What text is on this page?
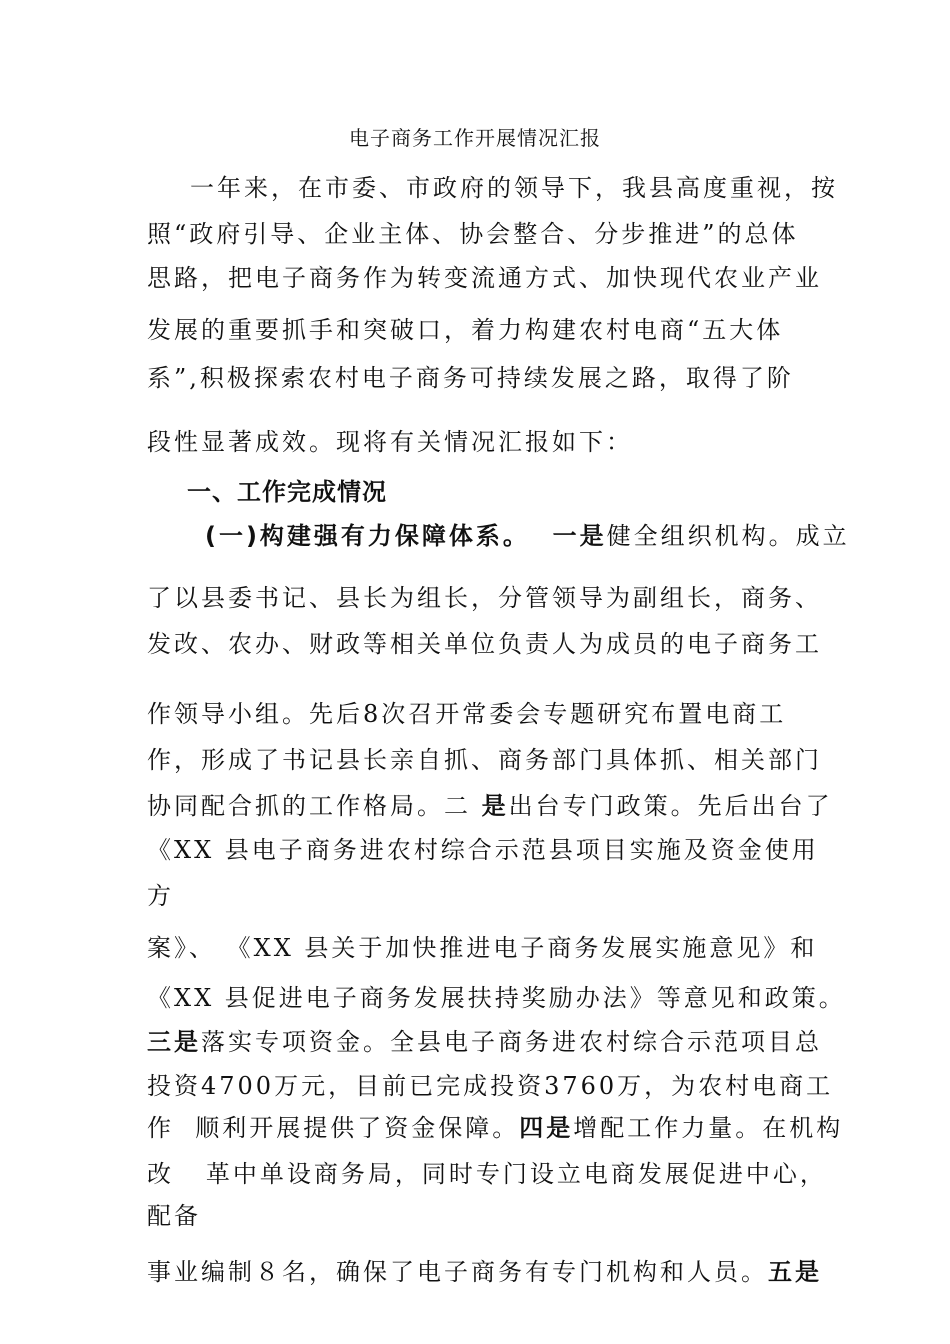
电子商务工作开展情况汇报
一年来，在市委、市政府的领导下，我县高度重视，按
照“政府引导、企业主体、协会整合、分步推进”的总体
思路，把电子商务作为转变流通方式、加快现代农业产业
发展的重要抓手和突破口，着力构建农村电商“五大体
系”,积极探索农村电子商务可持续发展之路，取得了阶
段性显著成效。现将有关情况汇报如下：
一、工作完成情况
(一)构建强有力保障体系。  一是健全组织机构。成立
了以县委书记、县长为组长，分管领导为副组长，商务、
发改、农办、财政等相关单位负责人为成员的电子商务工
作领导小组。先后8次召开常委会专题研究布置电商工
作，形成了书记县长亲自抓、商务部门具体抓、相关部门
协同配合抓的工作格局。二 是出台专门政策。先后出台了
《XX 县电子商务进农村综合示范县项目实施及资金使用
方
案》、 《XX 县关于加快推进电子商务发展实施意见》和
《XX 县促进电子商务发展扶持奖励办法》等意见和政策。
三是落实专项资金。全县电子商务进农村综合示范项目总
投资4700万元，目前已完成投资3760万，为农村电商工
作  顺利开展提供了资金保障。四是增配工作力量。在机构
改   革中单设商务局，同时专门设立电商发展促进中心，
配备
事业编制８名，确保了电子商务有专门机构和人员。五是
